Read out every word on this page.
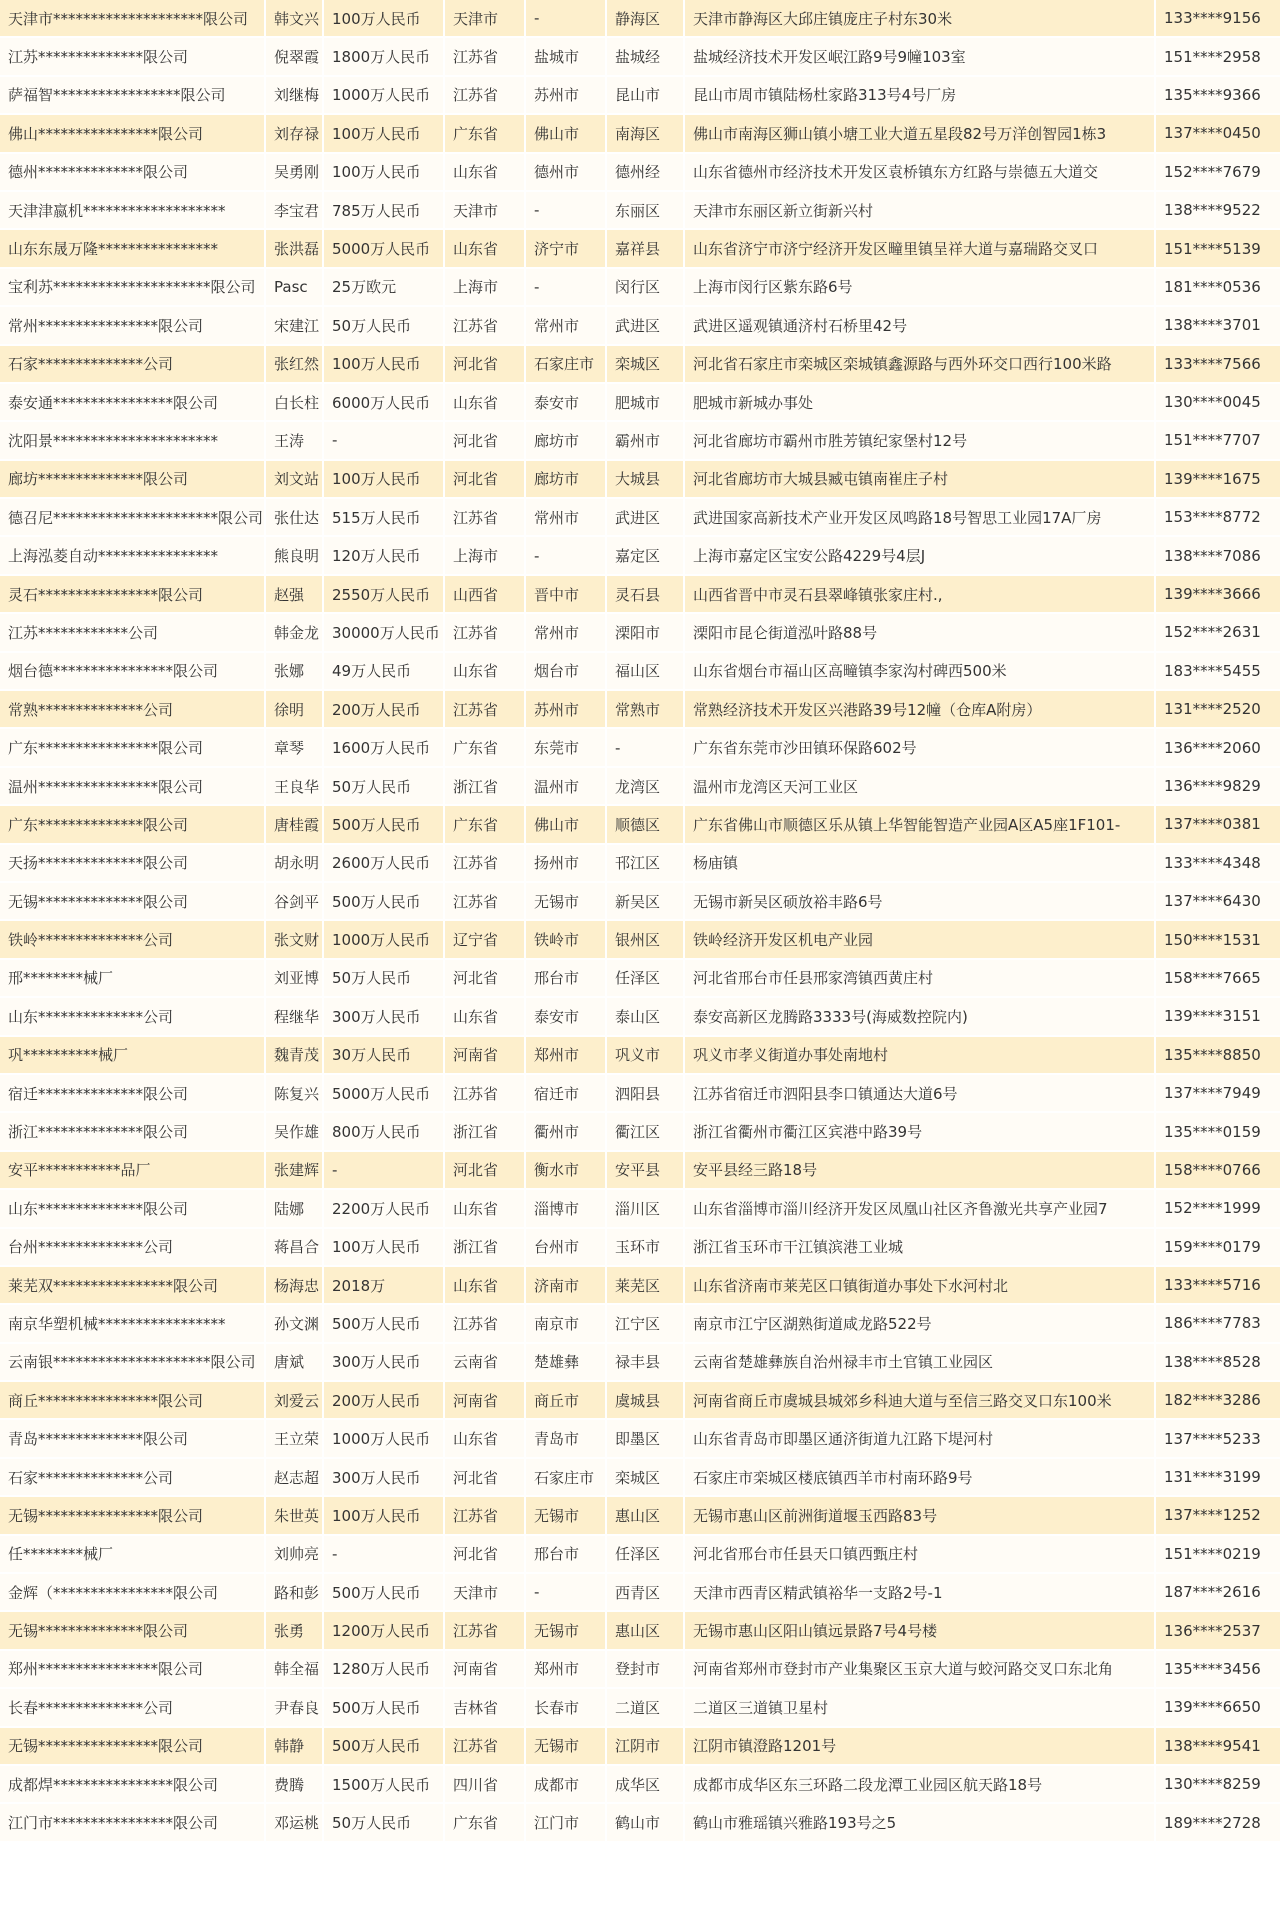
天津市********************限公司	韩文兴	100万人民币	天津市	-	静海区	天津市静海区大邱庄镇庞庄子村东30米	133****9156
江苏**************限公司	倪翠霞	1800万人民币	江苏省	盐城市	盐城经	盐城经济技术开发区岷江路9号9幢103室	151****2958
萨福智*****************限公司	刘继梅	1000万人民币	江苏省	苏州市	昆山市	昆山市周市镇陆杨杜家路313号4号厂房	135****9366
佛山****************限公司	刘存禄	100万人民币	广东省	佛山市	南海区	佛山市南海区狮山镇小塘工业大道五星段82号万洋创智园1栋3	137****0450
德州**************限公司	吴勇刚	100万人民币	山东省	德州市	德州经	山东省德州市经济技术开发区袁桥镇东方红路与崇德五大道交	152****7679
天津津嬴机*******************	李宝君	785万人民币	天津市	-	东丽区	天津市东丽区新立街新兴村	138****9522
山东东晟万隆****************	张洪磊	5000万人民币	山东省	济宁市	嘉祥县	山东省济宁市济宁经济开发区疃里镇呈祥大道与嘉瑞路交叉口	151****5139
宝利苏*********************限公司	Pasc	25万欧元	上海市	-	闵行区	上海市闵行区紫东路6号	181****0536
常州****************限公司	宋建江	50万人民币	江苏省	常州市	武进区	武进区遥观镇通济村石桥里42号	138****3701
石家**************公司	张红然	100万人民币	河北省	石家庄市	栾城区	河北省石家庄市栾城区栾城镇鑫源路与西外环交口西行100米路	133****7566
泰安通****************限公司	白长柱	6000万人民币	山东省	泰安市	肥城市	肥城市新城办事处	130****0045
沈阳景**********************	王涛	-	河北省	廊坊市	霸州市	河北省廊坊市霸州市胜芳镇纪家堡村12号	151****7707
廊坊**************限公司	刘文站	100万人民币	河北省	廊坊市	大城县	河北省廊坊市大城县臧屯镇南崔庄子村	139****1675
德召尼**********************限公司	张仕达	515万人民币	江苏省	常州市	武进区	武进国家高新技术产业开发区凤鸣路18号智思工业园17A厂房	153****8772
上海泓菱自动****************	熊良明	120万人民币	上海市	-	嘉定区	上海市嘉定区宝安公路4229号4层J	138****7086
灵石****************限公司	赵强	2550万人民币	山西省	晋中市	灵石县	山西省晋中市灵石县翠峰镇张家庄村.,	139****3666
江苏************公司	韩金龙	30000万人民币	江苏省	常州市	溧阳市	溧阳市昆仑街道泓叶路88号	152****2631
烟台德****************限公司	张娜	49万人民币	山东省	烟台市	福山区	山东省烟台市福山区高疃镇李家沟村碑西500米	183****5455
常熟**************公司	徐明	200万人民币	江苏省	苏州市	常熟市	常熟经济技术开发区兴港路39号12幢（仓库A附房）	131****2520
广东****************限公司	章琴	1600万人民币	广东省	东莞市	-	广东省东莞市沙田镇环保路602号	136****2060
温州****************限公司	王良华	50万人民币	浙江省	温州市	龙湾区	温州市龙湾区天河工业区	136****9829
广东**************限公司	唐桂霞	500万人民币	广东省	佛山市	顺德区	广东省佛山市顺德区乐从镇上华智能智造产业园A区A5座1F101-	137****0381
天扬**************限公司	胡永明	2600万人民币	江苏省	扬州市	邗江区	杨庙镇	133****4348
无锡**************限公司	谷剑平	500万人民币	江苏省	无锡市	新吴区	无锡市新吴区硕放裕丰路6号	137****6430
铁岭**************公司	张文财	1000万人民币	辽宁省	铁岭市	银州区	铁岭经济开发区机电产业园	150****1531
邢********械厂	刘亚博	50万人民币	河北省	邢台市	任泽区	河北省邢台市任县邢家湾镇西黄庄村	158****7665
山东**************公司	程继华	300万人民币	山东省	泰安市	泰山区	泰安高新区龙腾路3333号(海威数控院内)	139****3151
巩**********械厂	魏青茂	30万人民币	河南省	郑州市	巩义市	巩义市孝义街道办事处南地村	135****8850
宿迁**************限公司	陈复兴	5000万人民币	江苏省	宿迁市	泗阳县	江苏省宿迁市泗阳县李口镇通达大道6号	137****7949
浙江**************限公司	吴作雄	800万人民币	浙江省	衢州市	衢江区	浙江省衢州市衢江区宾港中路39号	135****0159
安平***********品厂	张建辉	-	河北省	衡水市	安平县	安平县经三路18号	158****0766
山东**************限公司	陆娜	2200万人民币	山东省	淄博市	淄川区	山东省淄博市淄川经济开发区凤凰山社区齐鲁激光共享产业园7	152****1999
台州**************公司	蒋昌合	100万人民币	浙江省	台州市	玉环市	浙江省玉环市干江镇滨港工业城	159****0179
莱芜双****************限公司	杨海忠	2018万	山东省	济南市	莱芜区	山东省济南市莱芜区口镇街道办事处下水河村北	133****5716
南京华塑机械*****************	孙文渊	500万人民币	江苏省	南京市	江宁区	南京市江宁区湖熟街道咸龙路522号	186****7783
云南银*********************限公司	唐斌	300万人民币	云南省	楚雄彝	禄丰县	云南省楚雄彝族自治州禄丰市土官镇工业园区	138****8528
商丘****************限公司	刘爱云	200万人民币	河南省	商丘市	虞城县	河南省商丘市虞城县城郊乡科迪大道与至信三路交叉口东100米	182****3286
青岛**************限公司	王立荣	1000万人民币	山东省	青岛市	即墨区	山东省青岛市即墨区通济街道九江路下堤河村	137****5233
石家**************公司	赵志超	300万人民币	河北省	石家庄市	栾城区	石家庄市栾城区楼底镇西羊市村南环路9号	131****3199
无锡****************限公司	朱世英	100万人民币	江苏省	无锡市	惠山区	无锡市惠山区前洲街道堰玉西路83号	137****1252
任********械厂	刘帅亮	-	河北省	邢台市	任泽区	河北省邢台市任县天口镇西甄庄村	151****0219
金辉（****************限公司	路和彭	500万人民币	天津市	-	西青区	天津市西青区精武镇裕华一支路2号-1	187****2616
无锡**************限公司	张勇	1200万人民币	江苏省	无锡市	惠山区	无锡市惠山区阳山镇远景路7号4号楼	136****2537
郑州****************限公司	韩全福	1280万人民币	河南省	郑州市	登封市	河南省郑州市登封市产业集聚区玉京大道与蛟河路交叉口东北角	135****3456
长春**************公司	尹春良	500万人民币	吉林省	长春市	二道区	二道区三道镇卫星村	139****6650
无锡****************限公司	韩静	500万人民币	江苏省	无锡市	江阴市	江阴市镇澄路1201号	138****9541
成都焊****************限公司	费腾	1500万人民币	四川省	成都市	成华区	成都市成华区东三环路二段龙潭工业园区航天路18号	130****8259
江门市****************限公司	邓运桃	50万人民币	广东省	江门市	鹤山市	鹤山市雅瑶镇兴雅路193号之5	189****2728
